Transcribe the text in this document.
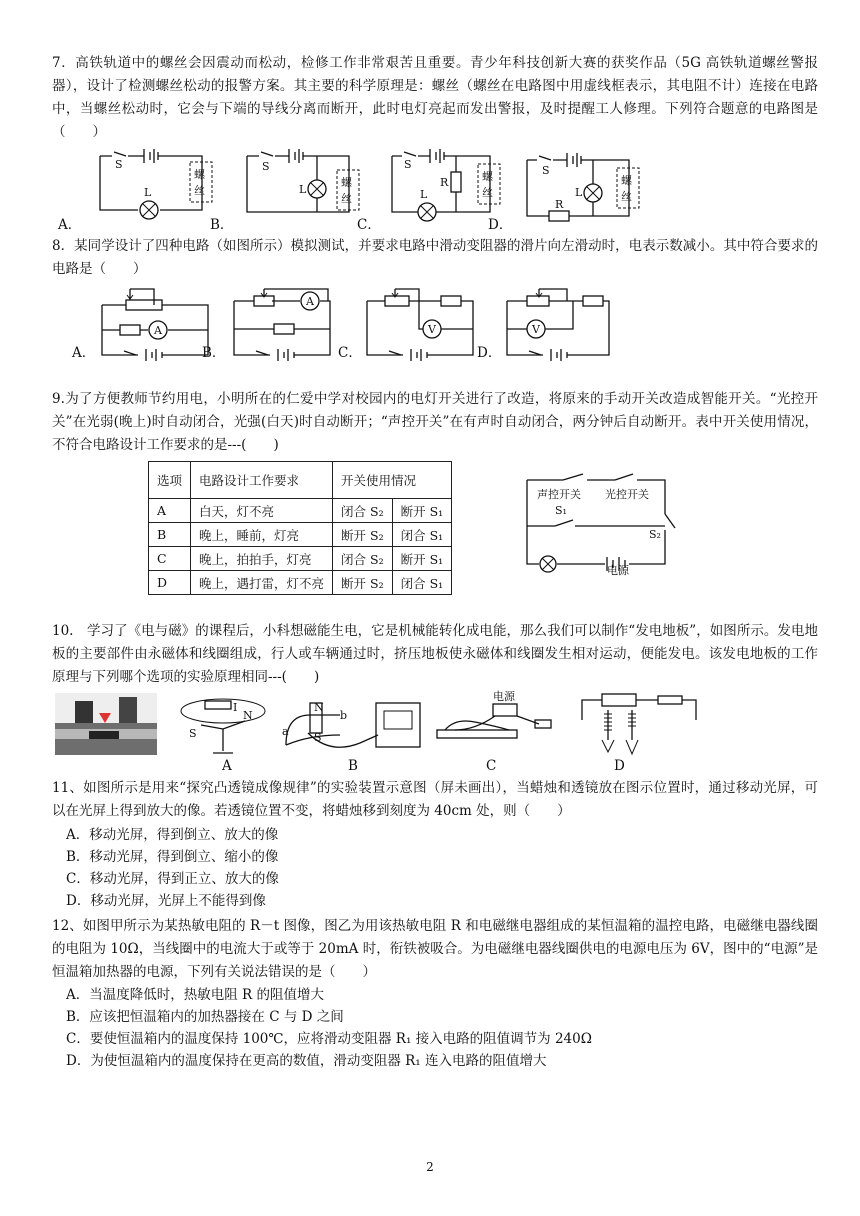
7．高铁轨道中的螺丝会因震动而松动，检修工作非常艰苦且重要。青少年科技创新大赛的获奖作品（5G 高铁轨道螺丝警报器），设计了检测螺丝松动的报警方案。其主要的科学原理是：螺丝（螺丝在电路图中用虚线框表示，其电阻不计）连接在电路中，当螺丝松动时，它会与下端的导线分离而断开，此时电灯亮起而发出警报，及时提醒工人修理。下列符合题意的电路图是（　　）

A．	B．	C．	D．
S
L
螺
丝
S
L
螺
丝
S
R
L
螺
丝
S
L
R
螺
丝

8．某同学设计了四种电路（如图所示）模拟测试，并要求电路中滑动变阻器的滑片向左滑动时，电表示数减小。其中符合要求的电路是（　　）

A．	B．	C．	D．
A
A
V	V

9.为了方便教师节约用电，小明所在的仁爱中学对校园内的电灯开关进行了改造，将原来的手动开关改造成智能开关。“光控开关”在光弱(晚上)时自动闭合，光强(白天)时自动断开；“声控开关”在有声时自动闭合，两分钟后自动断开。表中开关使用情况，不符合电路设计工作要求的是---(　　)

选项	电路设计工作要求	开关使用情况	
A	白天，灯不亮	闭合 S₂	断开 S₁
B	晚上，睡前，灯亮	断开 S₂	闭合 S₁
C	晚上，拍拍手，灯亮	闭合 S₂	断开 S₁
D	晚上，遇打雷，灯不亮	断开 S₂	闭合 S₁
声控开关 光控开关
S₁
S₂
电源

10.　学习了《电与磁》的课程后，小科想磁能生电，它是机械能转化成电能，那么我们可以制作“发电地板”，如图所示。发电地板的主要部件由永磁体和线圈组成，行人或车辆通过时，挤压地板使永磁体和线圈发生相对运动，便能发电。该发电地板的工作原理与下列哪个选项的实验原理相同---(　　)

S
N
I	N
S
a
b
电源
A	B	C	D

11、如图所示是用来“探究凸透镜成像规律”的实验装置示意图（屏未画出），当蜡烛和透镜放在图示位置时，通过移动光屏，可以在光屏上得到放大的像。若透镜位置不变，将蜡烛移到刻度为 40cm 处，则（　　）

A．移动光屏，得到倒立、放大的像
B．移动光屏，得到倒立、缩小的像
C．移动光屏，得到正立、放大的像
D．移动光屏，光屏上不能得到像

12、如图甲所示为某热敏电阻的 R－t 图像，图乙为用该热敏电阻 R 和电磁继电器组成的某恒温箱的温控电路，电磁继电器线圈的电阻为 10Ω，当线圈中的电流大于或等于 20mA 时，衔铁被吸合。为电磁继电器线圈供电的电源电压为 6V，图中的“电源”是恒温箱加热器的电源，下列有关说法错误的是（　　）

A．当温度降低时，热敏电阻 R 的阻值增大
B．应该把恒温箱内的加热器接在 C 与 D 之间
C．要使恒温箱内的温度保持 100℃，应将滑动变阻器 R₁ 接入电路的阻值调节为 240Ω
D．为使恒温箱内的温度保持在更高的数值，滑动变阻器 R₁ 连入电路的阻值增大
2
